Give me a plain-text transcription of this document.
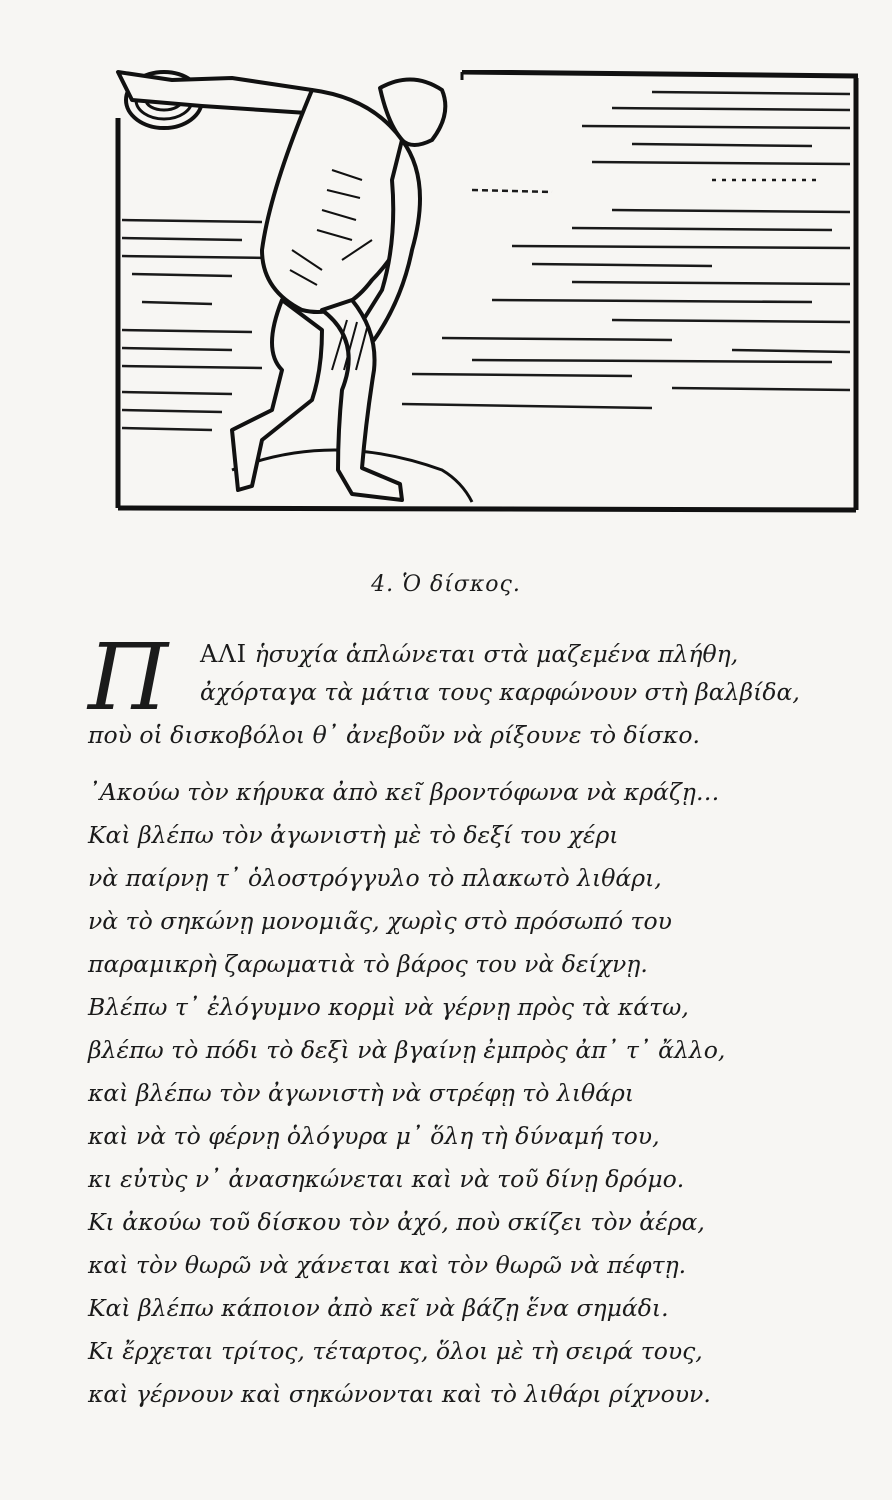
4. Ὁ δίσκος.
Π ΑΛΙ ἡσυχία ἁπλώνεται στὰ μαζεμένα πλήθη,
ἀχόρταγα τὰ μάτια τους καρφώνουν στὴ βαλβίδα,
ποὺ οἱ δισκοβόλοι θ᾽ ἀνεβοῦν νὰ ρίξουνε τὸ δίσκο.
᾽Ακούω τὸν κήρυκα ἀπὸ κεῖ βροντόφωνα νὰ κράζῃ…
Καὶ βλέπω τὸν ἀγωνιστὴ μὲ τὸ δεξί του χέρι
νὰ παίρνῃ τ᾽ ὁλοστρόγγυλο τὸ πλακωτὸ λιθάρι,
νὰ τὸ σηκώνῃ μονομιᾶς, χωρὶς στὸ πρόσωπό του
παραμικρὴ ζαρωματιὰ τὸ βάρος του νὰ δείχνῃ.
Βλέπω τ᾽ ἐλόγυμνο κορμὶ νὰ γέρνῃ πρὸς τὰ κάτω,
βλέπω τὸ πόδι τὸ δεξὶ νὰ βγαίνῃ ἐμπρὸς ἀπ᾽ τ᾽ ἄλλο,
καὶ βλέπω τὸν ἀγωνιστὴ νὰ στρέφῃ τὸ λιθάρι
καὶ νὰ τὸ φέρνῃ ὁλόγυρα μ᾽ ὅλη τὴ δύναμή του,
κι εὐτὺς ν᾽ ἀνασηκώνεται καὶ νὰ τοῦ δίνῃ δρόμο.
Κι ἀκούω τοῦ δίσκου τὸν ἀχό, ποὺ σκίζει τὸν ἀέρα,
καὶ τὸν θωρῶ νὰ χάνεται καὶ τὸν θωρῶ νὰ πέφτῃ.
Καὶ βλέπω κάποιον ἀπὸ κεῖ νὰ βάζῃ ἕνα σημάδι.
Κι ἔρχεται τρίτος, τέταρτος, ὅλοι μὲ τὴ σειρά τους,
καὶ γέρνουν καὶ σηκώνονται καὶ τὸ λιθάρι ρίχνουν.
